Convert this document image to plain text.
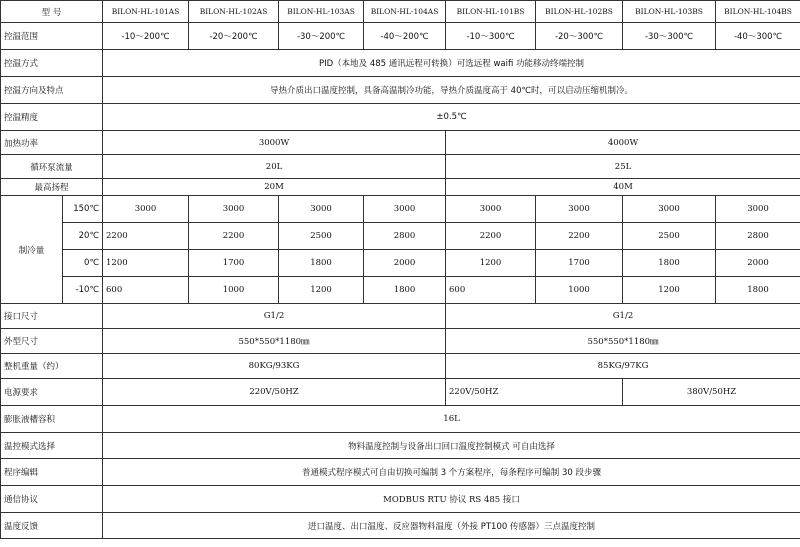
型 号		BILON-HL-101AS	BILON-HL-102AS	BILON-HL-103AS	BILON-HL-104AS	BILON-HL-101BS	BILON-HL-102BS	BILON-HL-103BS	BILON-HL-104BS
控温范围		-10～200℃	-20～200℃	-30～200℃	-40～200℃	-10～300℃	-20～300℃	-30～300℃	-40～300℃
控温方式		PID（本地及 485 通讯远程可转换）可选远程 waifi 功能移动终端控制							
控温方向及特点		导热介质出口温度控制，具备高温制冷功能，导热介质温度高于 40℃时，可以启动压缩机制冷。							
控温精度		±0.5℃							
加热功率		3000W				4000W			
循环泵流量		20L				25L			
最高扬程		20M				40M			
制冷量	150℃	3000	3000	3000	3000	3000	3000	3000	3000
	20℃	2200	2200	2500	2800	2200	2200	2500	2800
	0℃	1200	1700	1800	2000	1200	1700	1800	2000
	-10℃	600	1000	1200	1800	600	1000	1200	1800
接口尺寸		G1/2				G1/2			
外型尺寸		550*550*1180㎜				550*550*1180㎜			
整机重量（约）		80KG/93KG				85KG/97KG			
电源要求		220V/50HZ				220V/50HZ		380V/50HZ	
膨胀液槽容积		16L							
温控模式选择		物料温度控制与设备出口回口温度控制模式 可自由选择							
程序编辑		普通模式程序模式可自由切换可编制 3 个方案程序，每条程序可编制 30 段步骤							
通信协议		MODBUS RTU 协议 RS 485 接口							
温度反馈		进口温度、出口温度、反应器物料温度（外接 PT100 传感器）三点温度控制							
